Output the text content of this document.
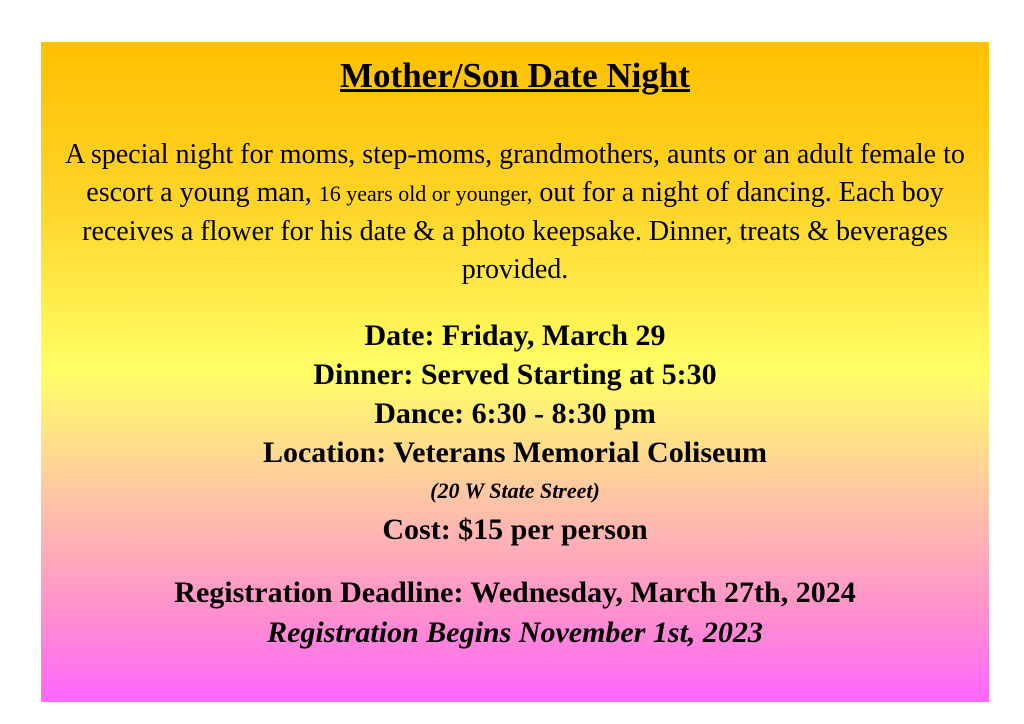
Mother/Son Date Night

A special night for moms, step-moms, grandmothers, aunts or an adult female to escort a young man, 16 years old or younger, out for a night of dancing. Each boy receives a flower for his date & a photo keepsake. Dinner, treats & beverages provided.

Date: Friday, March 29
Dinner: Served Starting at 5:30
Dance: 6:30 - 8:30 pm
Location: Veterans Memorial Coliseum
(20 W State Street)
Cost: $15 per person
Registration Deadline: Wednesday, March 27th, 2024
Registration Begins November 1st, 2023
